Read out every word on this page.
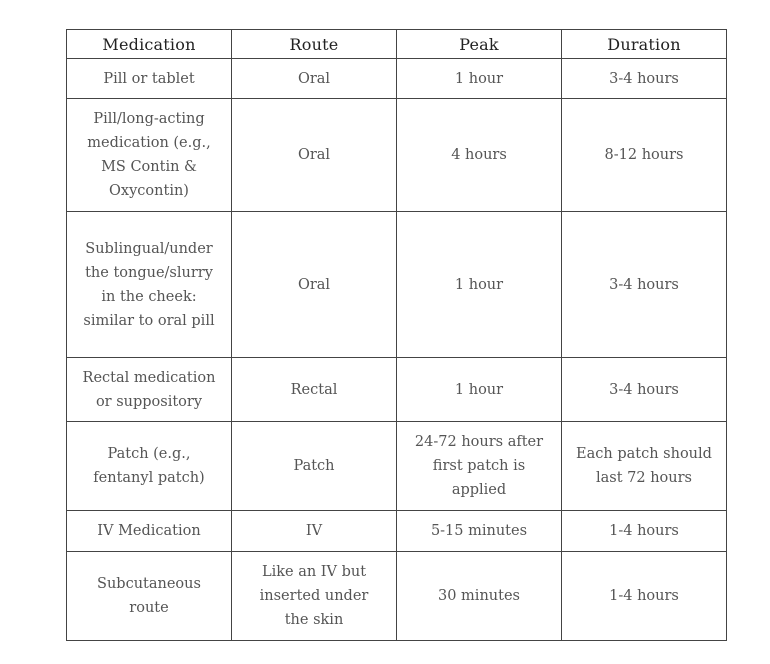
Medication	Route	Peak	Duration
Pill or tablet	Oral	1 hour	3-4 hours
Pill/long-acting medication (e.g., MS Contin & Oxycontin)	Oral	4 hours	8-12 hours
Sublingual/under the tongue/slurry in the cheek: similar to oral pill	Oral	1 hour	3-4 hours
Rectal medication or suppository	Rectal	1 hour	3-4 hours
Patch (e.g., fentanyl patch)	Patch	24-72 hours after first patch is applied	Each patch should last 72 hours
IV Medication	IV	5-15 minutes	1-4 hours
Subcutaneous route	Like an IV but inserted under the skin	30 minutes	1-4 hours
